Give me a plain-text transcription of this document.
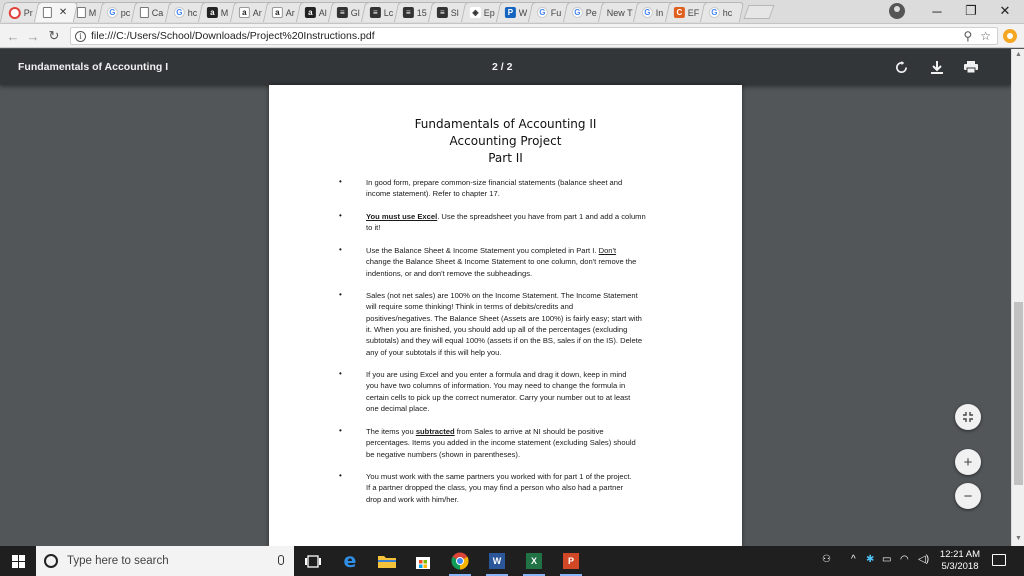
Pr	✕ M G pc Ca G hc	a M	a Ar	a Ar	a Al	≡ Gl	≡ Lc	≡ 15	≡ Sl	◈ Ep	P W G Fu G Pe New T G In	C EF G hc	─	❐	✕
← → ↻	i file:///C:/Users/School/Downloads/Project%20Instructions.pdf	⚲ ☆
Fundamentals of Accounting I	2 / 2
Fundamentals of Accounting II
Accounting Project
Part II
•	In good form, prepare common-size financial statements (balance sheet and
income statement). Refer to chapter 17.
•	You must use Excel. Use the spreadsheet you have from part 1 and add a column
to it!
•	Use the Balance Sheet & Income Statement you completed in Part I. Don't
change the Balance Sheet & Income Statement to one column, don't remove the
indentions, or and don't remove the subheadings.
•	Sales (not net sales) are 100% on the Income Statement. The Income Statement
will require some thinking! Think in terms of debits/credits and
positives/negatives. The Balance Sheet (Assets are 100%) is fairly easy; start with
it. When you are finished, you should add up all of the percentages (excluding
subtotals) and they will equal 100% (assets if on the BS, sales if on the IS). Delete
any of your subtotals if this will help you.
•	If you are using Excel and you enter a formula and drag it down, keep in mind
you have two columns of information. You may need to change the formula in
certain cells to pick up the correct numerator. Carry your number out to at least
one decimal place.
•	The items you subtracted from Sales to arrive at NI should be positive
percentages. Items you added in the income statement (excluding Sales) should
be negative numbers (shown in parentheses).
•	You must work with the same partners you worked with for part 1 of the project.
If a partner dropped the class, you may find a person who also had a partner
drop and work with him/her.
▲
▼
+
−
Type here to search	e	W	X	P	⚇ ^ ✱ ▭ ◠ ◁) 12:21 AM
5/3/2018
